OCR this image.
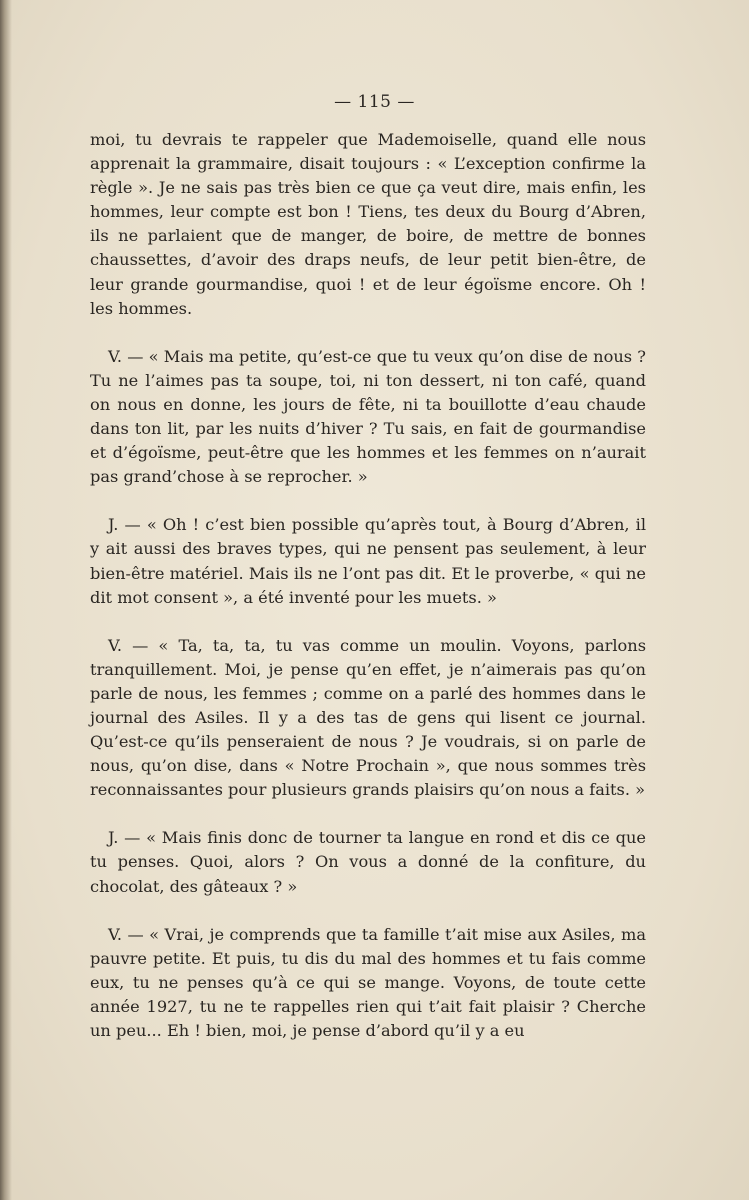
— 115 —

moi, tu devrais te rappeler que Mademoiselle, quand elle nous apprenait la grammaire, disait toujours : « L’exception confirme la règle ». Je ne sais pas très bien ce que ça veut dire, mais enfin, les hommes, leur compte est bon ! Tiens, tes deux du Bourg d’Abren, ils ne parlaient que de manger, de boire, de mettre de bonnes chaussettes, d’avoir des draps neufs, de leur petit bien-être, de leur grande gourmandise, quoi ! et de leur égoïsme encore. Oh ! les hommes.

V. — « Mais ma petite, qu’est-ce que tu veux qu’on dise de nous ? Tu ne l’aimes pas ta soupe, toi, ni ton dessert, ni ton café, quand on nous en donne, les jours de fête, ni ta bouillotte d’eau chaude dans ton lit, par les nuits d’hiver ? Tu sais, en fait de gourmandise et d’égoïsme, peut-être que les hommes et les femmes on n’aurait pas grand’chose à se reprocher. »

J. — « Oh ! c’est bien possible qu’après tout, à Bourg d’Abren, il y ait aussi des braves types, qui ne pensent pas seulement, à leur bien-être matériel. Mais ils ne l’ont pas dit. Et le proverbe, « qui ne dit mot consent », a été inventé pour les muets. »

V. — « Ta, ta, ta, tu vas comme un moulin. Voyons, parlons tranquillement. Moi, je pense qu’en effet, je n’aimerais pas qu’on parle de nous, les femmes ; comme on a parlé des hommes dans le journal des Asiles. Il y a des tas de gens qui lisent ce journal. Qu’est-ce qu’ils penseraient de nous ? Je voudrais, si on parle de nous, qu’on dise, dans « Notre Prochain », que nous sommes très reconnaissantes pour plusieurs grands plaisirs qu’on nous a faits. »

J. — « Mais finis donc de tourner ta langue en rond et dis ce que tu penses. Quoi, alors ? On vous a donné de la confiture, du chocolat, des gâteaux ? »

V. — « Vrai, je comprends que ta famille t’ait mise aux Asiles, ma pauvre petite. Et puis, tu dis du mal des hommes et tu fais comme eux, tu ne penses qu’à ce qui se mange. Voyons, de toute cette année 1927, tu ne te rappelles rien qui t’ait fait plaisir ? Cherche un peu... Eh ! bien, moi, je pense d’abord qu’il y a eu
